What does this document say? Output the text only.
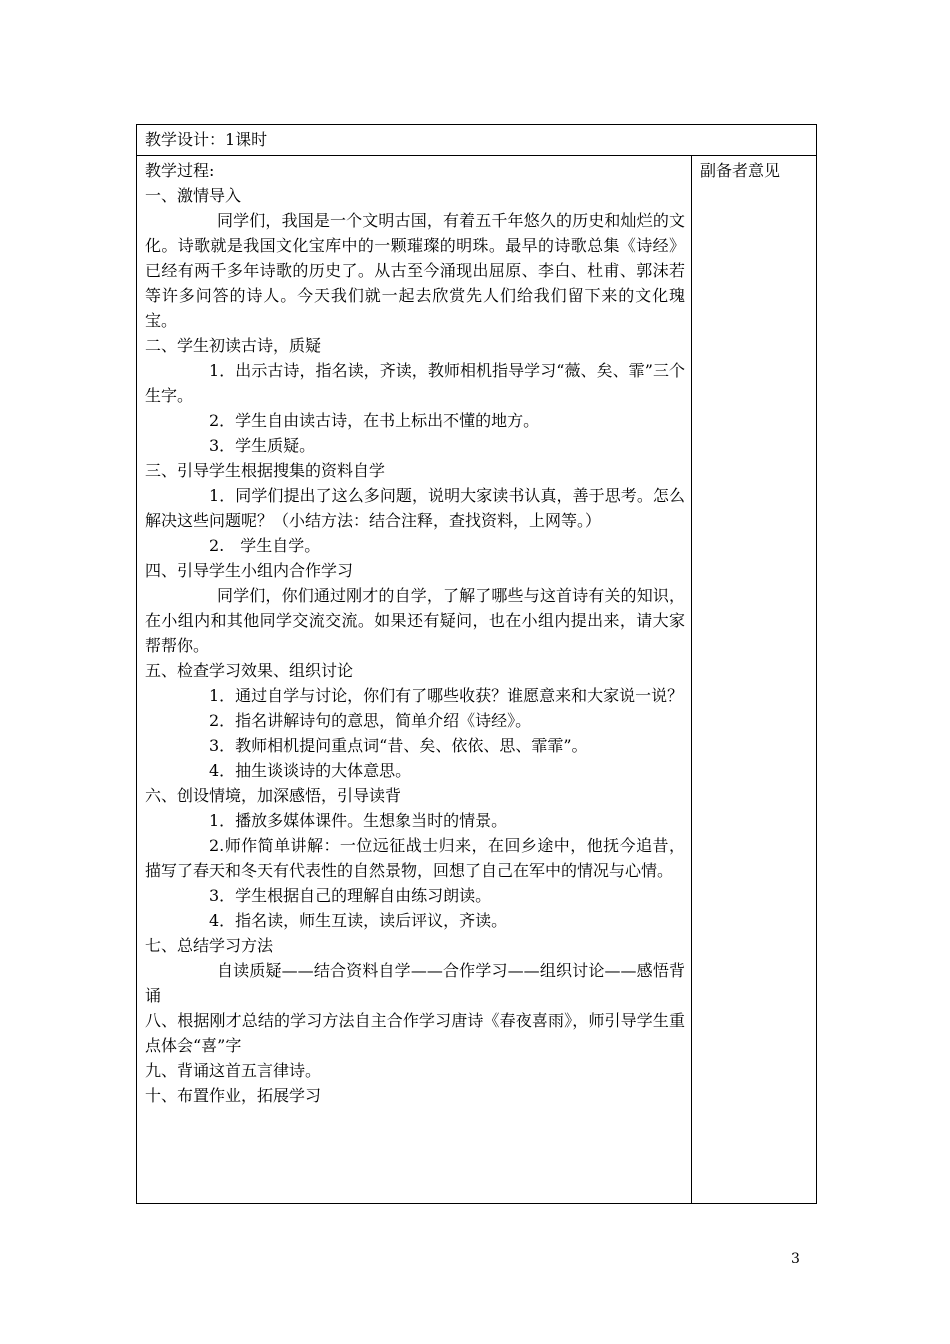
教学设计：1课时

教学过程:
一、激情导入

同学们，我国是一个文明古国，有着五千年悠久的历史和灿烂的文化。诗歌就是我国文化宝库中的一颗璀璨的明珠。最早的诗歌总集《诗经》已经有两千多年诗歌的历史了。从古至今涌现出屈原、李白、杜甫、郭沫若等许多问答的诗人。今天我们就一起去欣赏先人们给我们留下来的文化瑰宝。

二、学生初读古诗，质疑

1．出示古诗，指名读，齐读，教师相机指导学习“薇、矣、霏”三个生字。

2．学生自由读古诗，在书上标出不懂的地方。

3．学生质疑。

三、引导学生根据搜集的资料自学

1．同学们提出了这么多问题，说明大家读书认真，善于思考。怎么解决这些问题呢？（小结方法：结合注释，查找资料，上网等。）

2.　学生自学。

四、引导学生小组内合作学习

同学们，你们通过刚才的自学，了解了哪些与这首诗有关的知识，在小组内和其他同学交流交流。如果还有疑问，也在小组内提出来，请大家帮帮你。

五、检查学习效果、组织讨论

1．通过自学与讨论，你们有了哪些收获？谁愿意来和大家说一说？

2．指名讲解诗句的意思，简单介绍《诗经》。

3．教师相机提问重点词“昔、矣、依依、思、霏霏”。

4．抽生谈谈诗的大体意思。

六、创设情境，加深感悟，引导读背

1．播放多媒体课件。生想象当时的情景。

2.师作简单讲解：一位远征战士归来，在回乡途中，他抚今追昔，描写了春天和冬天有代表性的自然景物，回想了自己在军中的情况与心情。

3．学生根据自己的理解自由练习朗读。

4．指名读，师生互读，读后评议，齐读。

七、总结学习方法

自读质疑——结合资料自学——合作学习——组织讨论——感悟背诵

八、根据刚才总结的学习方法自主合作学习唐诗《春夜喜雨》，师引导学生重点体会“喜”字

九、背诵这首五言律诗。
十、布置作业，拓展学习
	副备者意见
3
